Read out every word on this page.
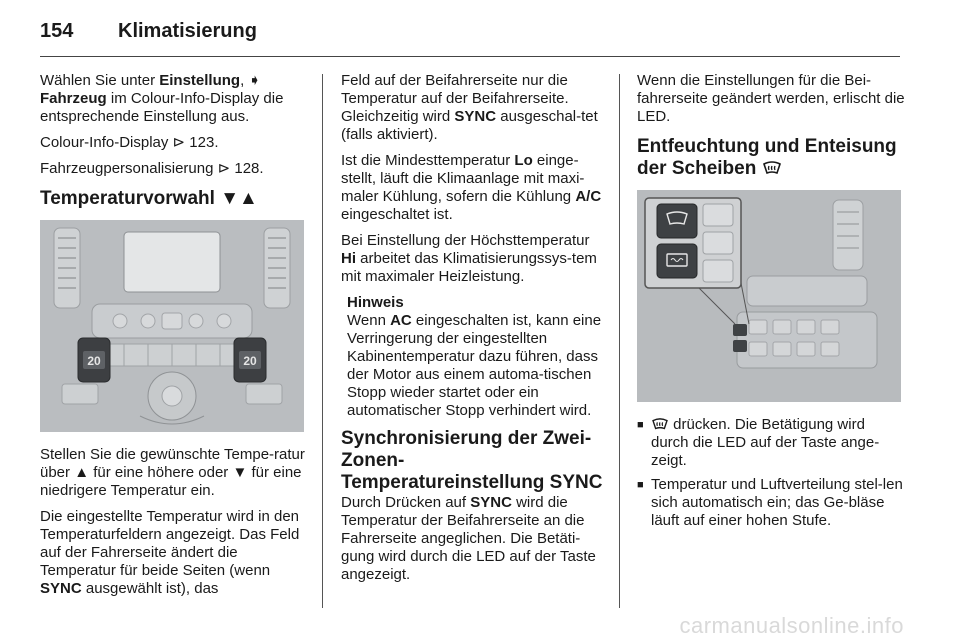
154	Klimatisierung

Wählen Sie unter Einstellung, ➧
Fahrzeug im Colour-Info-Display die entsprechende Einstellung aus.

Colour-Info-Display ⊳ 123.

Fahrzeugpersonalisierung ⊳ 128.

Temperaturvorwahl ▼▲
20	20

Stellen Sie die gewünschte Tempe-ratur über ▲ für eine höhere oder ▼ für eine niedrigere Temperatur ein.

Die eingestellte Temperatur wird in den Temperaturfeldern angezeigt. Das Feld auf der Fahrerseite ändert die Temperatur für beide Seiten (wenn SYNC ausgewählt ist), das

Feld auf der Beifahrerseite nur die Temperatur auf der Beifahrerseite. Gleichzeitig wird SYNC ausgeschal-tet (falls aktiviert).

Ist die Mindesttemperatur Lo einge-stellt, läuft die Klimaanlage mit maxi-maler Kühlung, sofern die Kühlung A/C eingeschaltet ist.

Bei Einstellung der Höchsttemperatur Hi arbeitet das Klimatisierungssys-tem mit maximaler Heizleistung.

Hinweis
Wenn AC eingeschalten ist, kann eine Verringerung der eingestellten Kabinentemperatur dazu führen, dass der Motor aus einem automa-tischen Stopp wieder startet oder ein automatischer Stopp verhindert wird.
Synchronisierung der Zwei-Zonen-Temperatureinstellung SYNC

Durch Drücken auf SYNC wird die Temperatur der Beifahrerseite an die Fahrerseite angeglichen. Die Betäti-gung wird durch die LED auf der Taste angezeigt.

Wenn die Einstellungen für die Bei-fahrerseite geändert werden, erlischt die LED.

Entfeuchtung und Enteisung der Scheiben
■	drücken. Die Betätigung wird durch die LED auf der Taste ange-zeigt.
■ Temperatur und Luftverteilung stel-len sich automatisch ein; das Ge-bläse läuft auf einer hohen Stufe.
carmanualsonline.info
